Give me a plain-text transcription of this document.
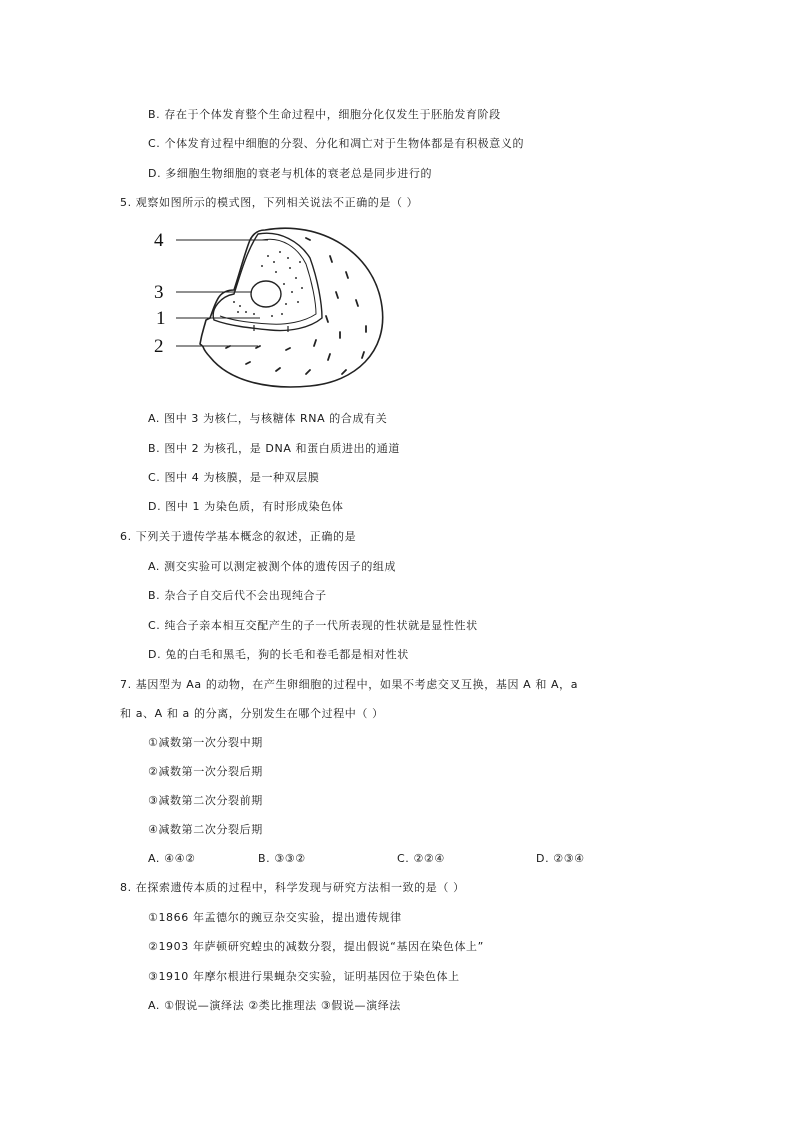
B. 存在于个体发育整个生命过程中，细胞分化仅发生于胚胎发育阶段
C. 个体发育过程中细胞的分裂、分化和凋亡对于生物体都是有积极意义的
D. 多细胞生物细胞的衰老与机体的衰老总是同步进行的
5. 观察如图所示的模式图，下列相关说法不正确的是（ ）
4
3
1
2
A. 图中 3 为核仁，与核糖体 RNA 的合成有关
B. 图中 2 为核孔，是 DNA 和蛋白质进出的通道
C. 图中 4 为核膜，是一种双层膜
D. 图中 1 为染色质，有时形成染色体
6. 下列关于遗传学基本概念的叙述，正确的是
A. 测交实验可以测定被测个体的遗传因子的组成
B. 杂合子自交后代不会出现纯合子
C. 纯合子亲本相互交配产生的子一代所表现的性状就是显性性状
D. 兔的白毛和黑毛，狗的长毛和卷毛都是相对性状
7. 基因型为 Aa 的动物，在产生卵细胞的过程中，如果不考虑交叉互换，基因 A 和 A，a
和 a、A 和 a 的分离，分别发生在哪个过程中（ ）
①减数第一次分裂中期
②减数第一次分裂后期
③减数第二次分裂前期
④减数第二次分裂后期
A. ④④②	B. ③③②	C. ②②④	D. ②③④
8. 在探索遗传本质的过程中，科学发现与研究方法相一致的是（ ）
①1866 年孟德尔的豌豆杂交实验，提出遗传规律
②1903 年萨顿研究蝗虫的减数分裂，提出假说“基因在染色体上”
③1910 年摩尔根进行果蝇杂交实验，证明基因位于染色体上
A. ①假说—演绎法 ②类比推理法 ③假说—演绎法
